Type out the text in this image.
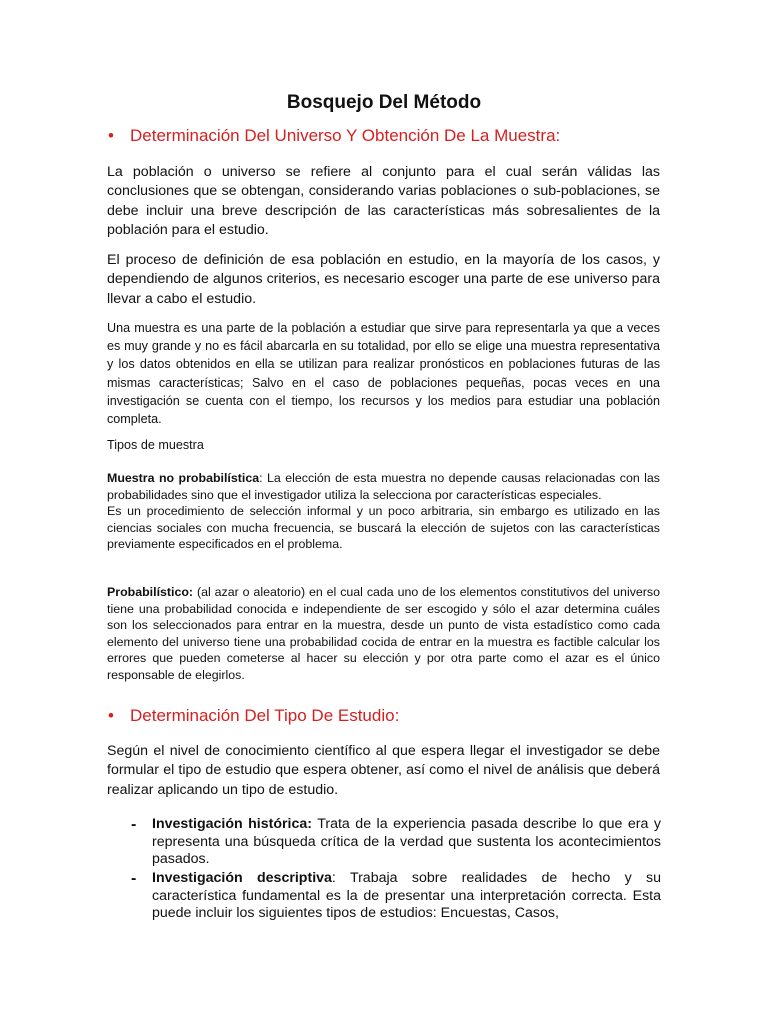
Bosquejo Del Método
• Determinación Del Universo Y Obtención De La Muestra:

La población o universo se refiere al conjunto para el cual serán válidas las conclusiones que se obtengan, considerando varias poblaciones o sub-poblaciones, se debe incluir una breve descripción de las características más sobresalientes de la población para el estudio.

El proceso de definición de esa población en estudio, en la mayoría de los casos, y dependiendo de algunos criterios, es necesario escoger una parte de ese universo para llevar a cabo el estudio.

Una muestra es una parte de la población a estudiar que sirve para representarla ya que a veces es muy grande y no es fácil abarcarla en su totalidad, por ello se elige una muestra representativa y los datos obtenidos en ella se utilizan para realizar pronósticos en poblaciones futuras de las mismas características; Salvo en el caso de poblaciones pequeñas, pocas veces en una investigación se cuenta con el tiempo, los recursos y los medios para estudiar una población completa.

Tipos de muestra

Muestra no probabilística: La elección de esta muestra no depende causas relacionadas con las probabilidades sino que el investigador utiliza la selecciona por características especiales.

Es un procedimiento de selección informal y un poco arbitraria, sin embargo es utilizado en las ciencias sociales con mucha frecuencia, se buscará la elección de sujetos con las características previamente especificados en el problema.

Probabilístico: (al azar o aleatorio) en el cual cada uno de los elementos constitutivos del universo tiene una probabilidad conocida e independiente de ser escogido y sólo el azar determina cuáles son los seleccionados para entrar en la muestra, desde un punto de vista estadístico como cada elemento del universo tiene una probabilidad cocida de entrar en la muestra es factible calcular los errores que pueden cometerse al hacer su elección y por otra parte como el azar es el único responsable de elegirlos.

• Determinación Del Tipo De Estudio:

Según el nivel de conocimiento científico al que espera llegar el investigador se debe formular el tipo de estudio que espera obtener, así como el nivel de análisis que deberá realizar aplicando un tipo de estudio.

-	Investigación histórica: Trata de la experiencia pasada describe lo que era y representa una búsqueda crítica de la verdad que sustenta los acontecimientos pasados.
-	Investigación descriptiva: Trabaja sobre realidades de hecho y su característica fundamental es la de presentar una interpretación correcta. Esta puede incluir los siguientes tipos de estudios: Encuestas, Casos,
